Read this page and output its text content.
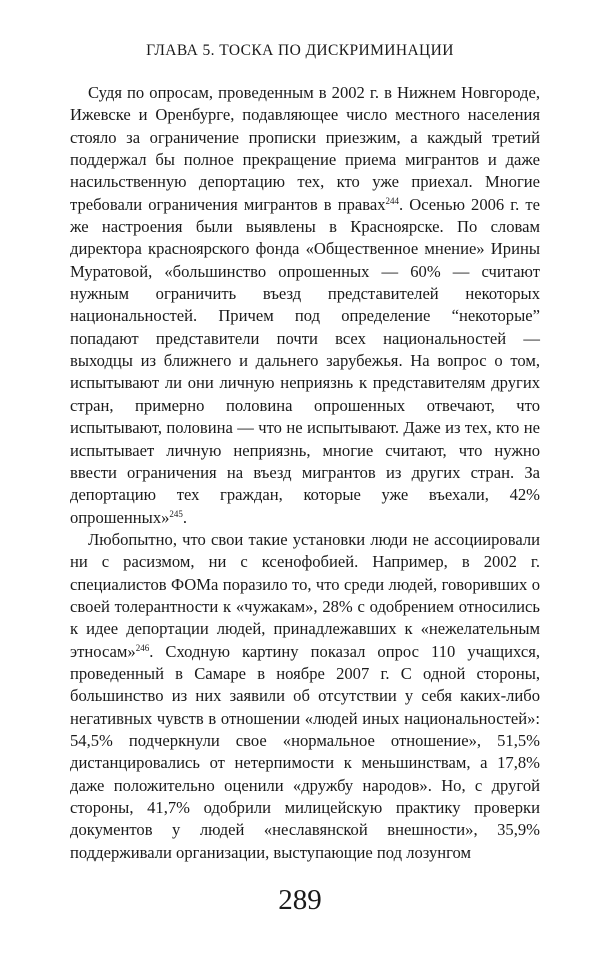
ГЛАВА 5. ТОСКА ПО ДИСКРИМИНАЦИИ

Судя по опросам, проведенным в 2002 г. в Нижнем Новгороде, Ижевске и Оренбурге, подавляющее число местного населения стояло за ограничение прописки приезжим, а каждый третий поддержал бы полное прекращение приема мигрантов и даже насильственную депортацию тех, кто уже приехал. Многие требовали ограничения мигрантов в правах$^{244}$. Осенью 2006 г. те же настроения были выявлены в Красноярске. По словам директора красноярского фонда «Общественное мнение» Ирины Муратовой, «большинство опрошенных — 60% — считают нужным ограничить въезд представителей некоторых национальностей. Причем под определение “некоторые” попадают представители почти всех национальностей — выходцы из ближнего и дальнего зарубежья. На вопрос о том, испытывают ли они личную неприязнь к представителям других стран, примерно половина опрошенных отвечают, что испытывают, половина — что не испытывают. Даже из тех, кто не испытывает личную неприязнь, многие считают, что нужно ввести ограничения на въезд мигрантов из других стран. За депортацию тех граждан, которые уже въехали, 42% опрошенных»$^{245}$.

Любопытно, что свои такие установки люди не ассоциировали ни с расизмом, ни с ксенофобией. Например, в 2002 г. специалистов ФОМа поразило то, что среди людей, говоривших о своей толерантности к «чужакам», 28% с одобрением относились к идее депортации людей, принадлежавших к «нежелательным этносам»$^{246}$. Сходную картину показал опрос 110 учащихся, проведенный в Самаре в ноябре 2007 г. С одной стороны, большинство из них заявили об отсутствии у себя каких-либо негативных чувств в отношении «людей иных национальностей»: 54,5% подчеркнули свое «нормальное отношение», 51,5% дистанцировались от нетерпимости к меньшинствам, а 17,8% даже положительно оценили «дружбу народов». Но, с другой стороны, 41,7% одобрили милицейскую практику проверки документов у людей «неславянской внешности», 35,9% поддерживали организации, выступающие под лозунгом

289
